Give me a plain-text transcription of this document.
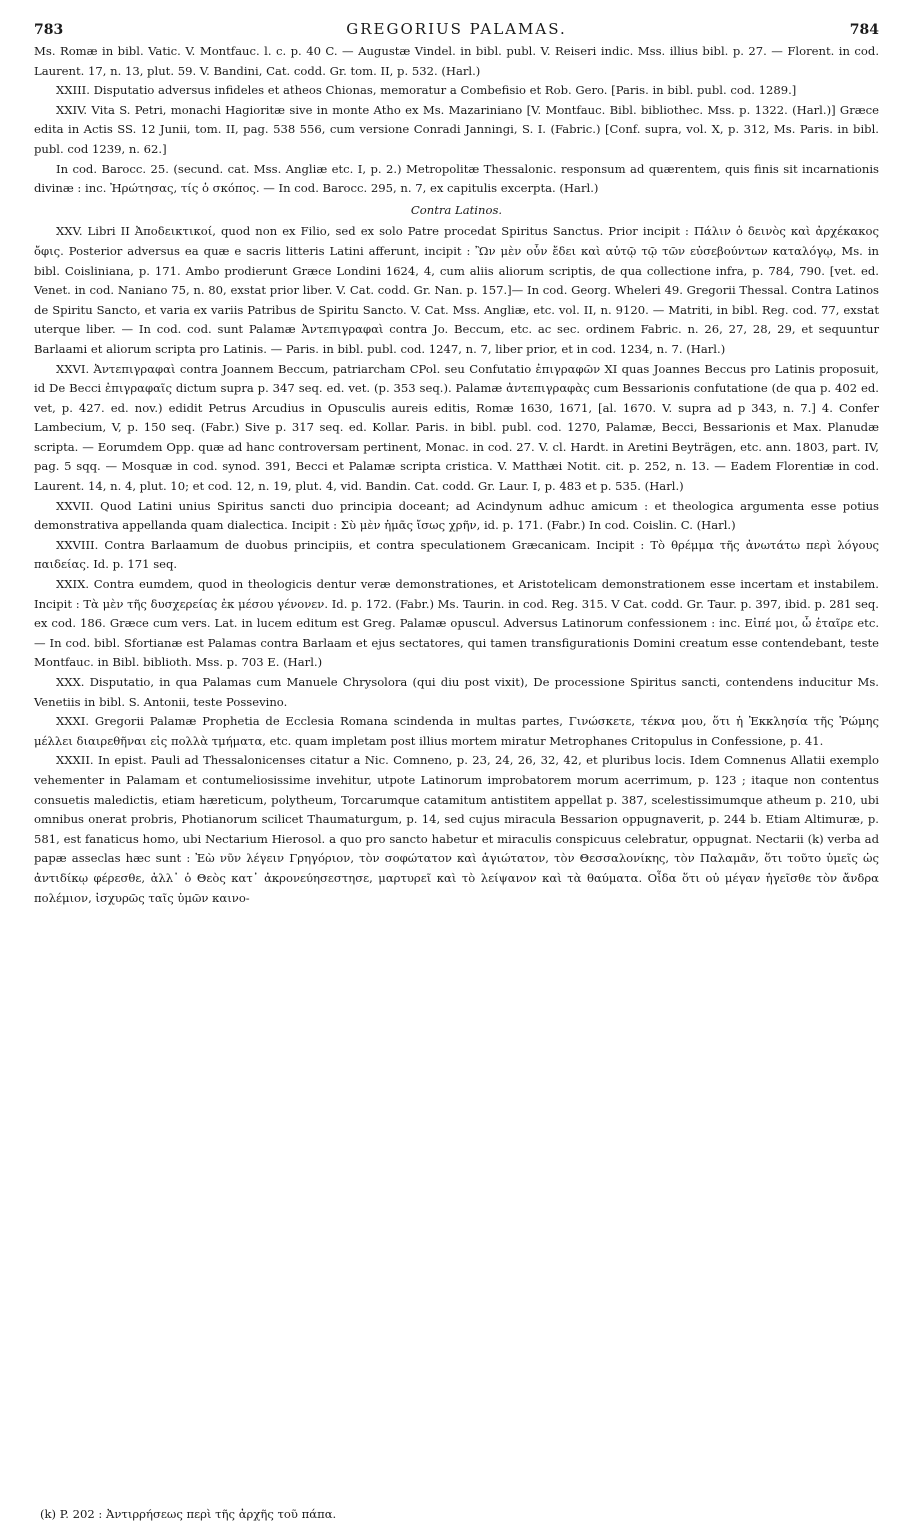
783	GREGORIUS PALAMAS.	784

Ms. Romæ in bibl. Vatic. V. Montfauc. l. c. p. 40 C. — Augustæ Vindel. in bibl. publ. V. Reiseri indic. Mss. illius bibl. p. 27. — Florent. in cod. Laurent. 17, n. 13, plut. 59. V. Bandini, Cat. codd. Gr. tom. II, p. 532. (Harl.)

XXIII. Disputatio adversus infideles et atheos Chionas, memoratur a Combefisio et Rob. Gero. [Paris. in bibl. publ. cod. 1289.]

XXIV. Vita S. Petri, monachi Hagioritæ sive in monte Atho ex Ms. Mazariniano [V. Montfauc. Bibl. bibliothec. Mss. p. 1322. (Harl.)] Græce edita in Actis SS. 12 Junii, tom. II, pag. 538 556, cum versione Conradi Janningi, S. I. (Fabric.) [Conf. supra, vol. X, p. 312, Ms. Paris. in bibl. publ. cod 1239, n. 62.]

In cod. Barocc. 25. (secund. cat. Mss. Angliæ etc. I, p. 2.) Metropolitæ Thessalonic. responsum ad quærentem, quis finis sit incarnationis divinæ : inc. Ἠρώτησας, τίς ὁ σκόπος. — In cod. Barocc. 295, n. 7, ex capitulis excerpta. (Harl.)

Contra Latinos.

XXV. Libri II Ἀποδεικτικοί, quod non ex Filio, sed ex solo Patre procedat Spiritus Sanctus. Prior incipit : Πάλιν ὁ δεινὸς καὶ ἀρχέκακος ὄφις. Posterior adversus ea quæ e sacris litteris Latini afferunt, incipit : Ὢν μὲν οὖν ἔδει καὶ αὐτῷ τῷ τῶν εὐσεβούντων καταλόγῳ, Ms. in bibl. Coisliniana, p. 171. Ambo prodierunt Græce Londini 1624, 4, cum aliis aliorum scriptis, de qua collectione infra, p. 784, 790. [vet. ed. Venet. in cod. Naniano 75, n. 80, exstat prior liber. V. Cat. codd. Gr. Nan. p. 157.]— In cod. Georg. Wheleri 49. Gregorii Thessal. Contra Latinos de Spiritu Sancto, et varia ex variis Patribus de Spiritu Sancto. V. Cat. Mss. Angliæ, etc. vol. II, n. 9120. — Matriti, in bibl. Reg. cod. 77, exstat uterque liber. — In cod. cod. sunt Palamæ Ἀντεπιγραφαὶ contra Jo. Beccum, etc. ac sec. ordinem Fabric. n. 26, 27, 28, 29, et sequuntur Barlaami et aliorum scripta pro Latinis. — Paris. in bibl. publ. cod. 1247, n. 7, liber prior, et in cod. 1234, n. 7. (Harl.)

XXVI. Ἀντεπιγραφαὶ contra Joannem Beccum, patriarcham CPol. seu Confutatio ἐπιγραφῶν XI quas Joannes Beccus pro Latinis proposuit, id De Becci ἐπιγραφαῖς dictum supra p. 347 seq. ed. vet. (p. 353 seq.). Palamæ ἀντεπιγραφὰς cum Bessarionis confutatione (de qua p. 402 ed. vet, p. 427. ed. nov.) edidit Petrus Arcudius in Opusculis aureis editis, Romæ 1630, 1671, [al. 1670. V. supra ad p 343, n. 7.] 4. Confer Lambecium, V, p. 150 seq. (Fabr.) Sive p. 317 seq. ed. Kollar. Paris. in bibl. publ. cod. 1270, Palamæ, Becci, Bessarionis et Max. Planudæ scripta. — Eorumdem Opp. quæ ad hanc controversam pertinent, Monac. in cod. 27. V. cl. Hardt. in Aretini Beyträgen, etc. ann. 1803, part. IV, pag. 5 sqq. — Mosquæ in cod. synod. 391, Becci et Palamæ scripta cristica. V. Matthæi Notit. cit. p. 252, n. 13. — Eadem Florentiæ in cod. Laurent. 14, n. 4, plut. 10; et cod. 12, n. 19, plut. 4, vid. Bandin. Cat. codd. Gr. Laur. I, p. 483 et p. 535. (Harl.)

XXVII. Quod Latini unius Spiritus sancti duo principia doceant; ad Acindynum adhuc amicum : et theologica argumenta esse potius demonstrativa appellanda quam dialectica. Incipit : Σὺ μὲν ἡμᾶς ἴσως χρῆν, id. p. 171. (Fabr.) In cod. Coislin. C. (Harl.)

XXVIII. Contra Barlaamum de duobus principiis, et contra speculationem Græcanicam. Incipit : Τὸ θρέμμα τῆς ἀνωτάτω περὶ λόγους παιδείας. Id. p. 171 seq.

XXIX. Contra eumdem, quod in theologicis dentur veræ demonstrationes, et Aristotelicam demonstrationem esse incertam et instabilem. Incipit : Τὰ μὲν τῆς δυσχερείας ἐκ μέσου γένονεν. Id. p. 172. (Fabr.) Ms. Taurin. in cod. Reg. 315. V Cat. codd. Gr. Taur. p. 397, ibid. p. 281 seq. ex cod. 186. Græce cum vers. Lat. in lucem editum est Greg. Palamæ opuscul. Adversus Latinorum confessionem : inc. Εἰπέ μοι, ὦ ἑταῖρε etc. — In cod. bibl. Sfortianæ est Palamas contra Barlaam et ejus sectatores, qui tamen transfigurationis Domini creatum esse contendebant, teste Montfauc. in Bibl. biblioth. Mss. p. 703 E. (Harl.)

XXX. Disputatio, in qua Palamas cum Manuele Chrysolora (qui diu post vixit), De processione Spiritus sancti, contendens inducitur Ms. Venetiis in bibl. S. Antonii, teste Possevino.

XXXI. Gregorii Palamæ Prophetia de Ecclesia Romana scindenda in multas partes, Γινώσκετε, τέκνα μου, ὅτι ἡ Ἐκκλησία τῆς Ῥώμης μέλλει διαιρεθῆναι εἰς πολλὰ τμήματα, etc. quam impletam post illius mortem miratur Metrophanes Critopulus in Confessione, p. 41.

XXXII. In epist. Pauli ad Thessalonicenses citatur a Nic. Comneno, p. 23, 24, 26, 32, 42, et pluribus locis. Idem Comnenus Allatii exemplo vehementer in Palamam et contumeliosissime invehitur, utpote Latinorum improbatorem morum acerrimum, p. 123 ; itaque non contentus consuetis maledictis, etiam hæreticum, polytheum, Torcarumque catamitum antistitem appellat p. 387, scelestissimumque atheum p. 210, ubi omnibus onerat probris, Photianorum scilicet Thaumaturgum, p. 14, sed cujus miracula Bessarion oppugnaverit, p. 244 b. Etiam Altimuræ, p. 581, est fanaticus homo, ubi Nectarium Hierosol. a quo pro sancto habetur et miraculis conspicuus celebratur, oppugnat. Nectarii (k) verba ad papæ asseclas hæc sunt : Ἐὼ νῦν λέγειν Γρηγόριον, τὸν σοφώτατον καὶ ἁγιώτατον, τὸν Θεσσαλονίκης, τὸν Παλαμᾶν, ὅτι τοῦτο ὑμεῖς ὡς ἀντιδίκῳ φέρεσθε, ἀλλ᾽ ὁ Θεὸς κατ᾽ ἀκρονεύησεστησε, μαρτυρεῖ καὶ τὸ λείψανον καὶ τὰ θαύματα. Οἶδα ὅτι οὐ μέγαν ἡγεῖσθε τὸν ἄνδρα πολέμιον, ἰσχυρῶς ταῖς ὑμῶν καινο-

(k) P. 202 : Ἀντιρρήσεως περὶ τῆς ἀρχῆς τοῦ πάπα.
